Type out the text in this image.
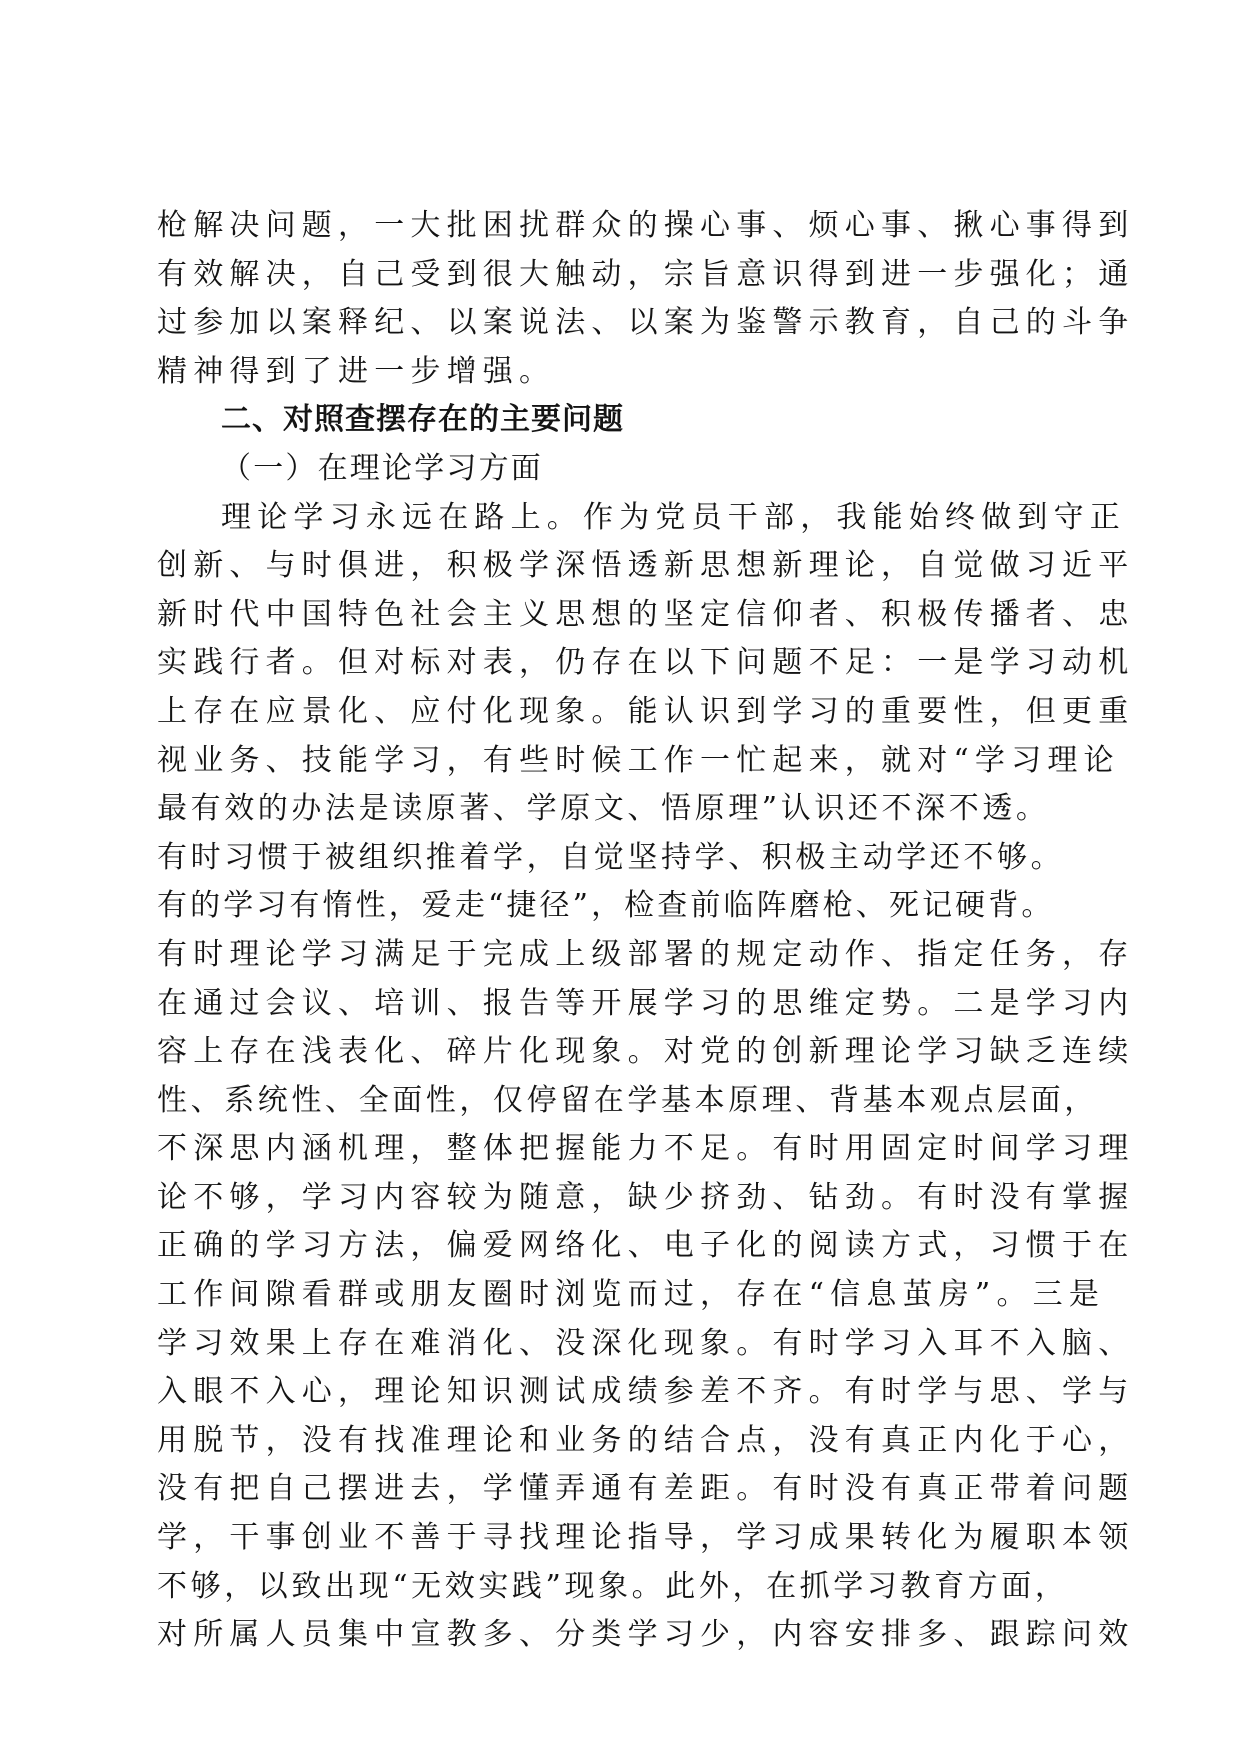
枪解决问题，一大批困扰群众的操心事、烦心事、揪心事得到
有效解决，自己受到很大触动，宗旨意识得到进一步强化；通
过参加以案释纪、以案说法、以案为鉴警示教育，自己的斗争
精神得到了进一步增强。
二、对照查摆存在的主要问题
（一）在理论学习方面
理论学习永远在路上。作为党员干部，我能始终做到守正
创新、与时俱进，积极学深悟透新思想新理论，自觉做习近平
新时代中国特色社会主义思想的坚定信仰者、积极传播者、忠
实践行者。但对标对表，仍存在以下问题不足：一是学习动机
上存在应景化、应付化现象。能认识到学习的重要性，但更重
视业务、技能学习，有些时候工作一忙起来，就对“学习理论
最有效的办法是读原著、学原文、悟原理”认识还不深不透。
有时习惯于被组织推着学，自觉坚持学、积极主动学还不够。
有的学习有惰性，爱走“捷径”，检查前临阵磨枪、死记硬背。
有时理论学习满足于完成上级部署的规定动作、指定任务，存
在通过会议、培训、报告等开展学习的思维定势。二是学习内
容上存在浅表化、碎片化现象。对党的创新理论学习缺乏连续
性、系统性、全面性，仅停留在学基本原理、背基本观点层面，
不深思内涵机理，整体把握能力不足。有时用固定时间学习理
论不够，学习内容较为随意，缺少挤劲、钻劲。有时没有掌握
正确的学习方法，偏爱网络化、电子化的阅读方式，习惯于在
工作间隙看群或朋友圈时浏览而过，存在“信息茧房”。三是
学习效果上存在难消化、没深化现象。有时学习入耳不入脑、
入眼不入心，理论知识测试成绩参差不齐。有时学与思、学与
用脱节，没有找准理论和业务的结合点，没有真正内化于心，
没有把自己摆进去，学懂弄通有差距。有时没有真正带着问题
学，干事创业不善于寻找理论指导，学习成果转化为履职本领
不够，以致出现“无效实践”现象。此外，在抓学习教育方面，
对所属人员集中宣教多、分类学习少，内容安排多、跟踪问效
